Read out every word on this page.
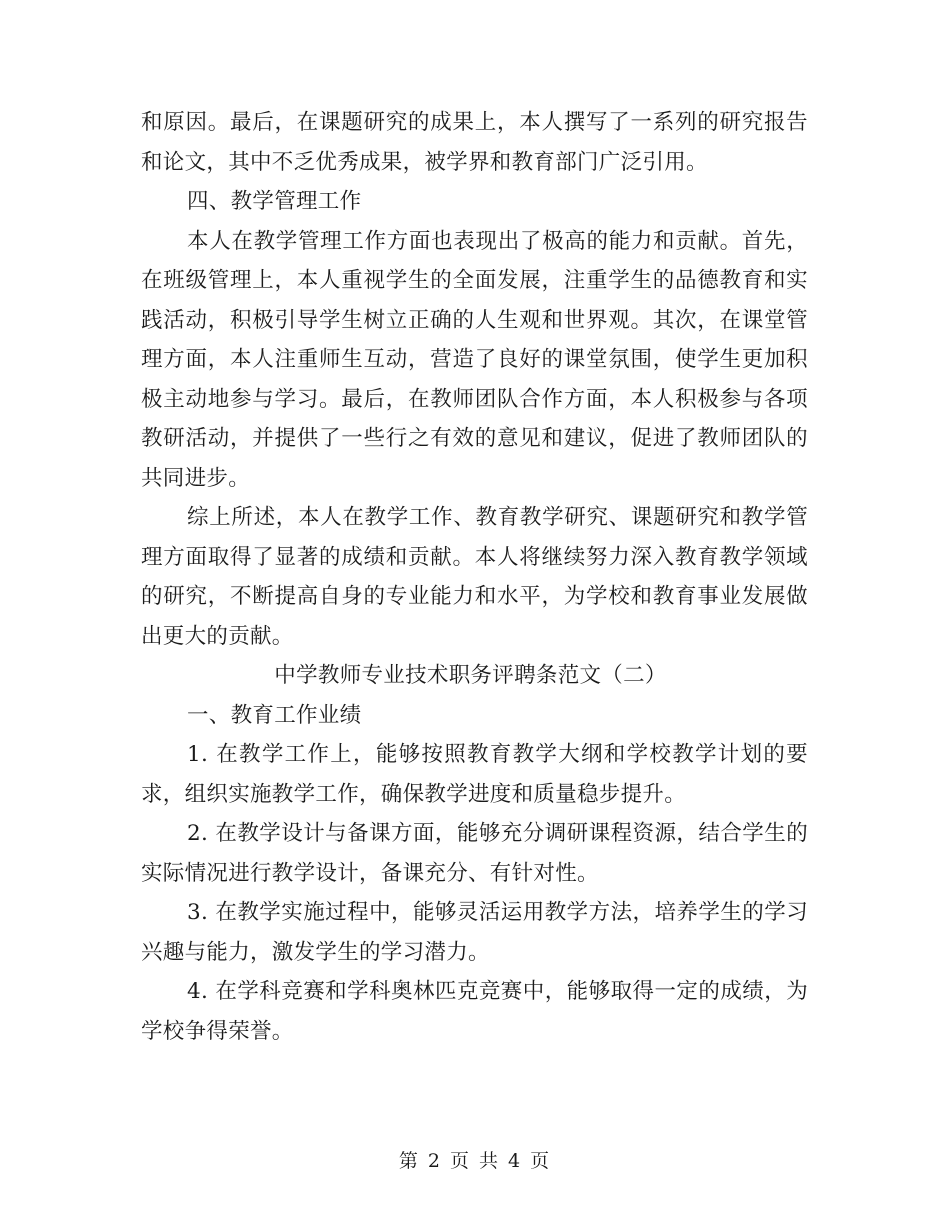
和原因。最后，在课题研究的成果上，本人撰写了一系列的研究报告
和论文，其中不乏优秀成果，被学界和教育部门广泛引用。
四、教学管理工作
本人在教学管理工作方面也表现出了极高的能力和贡献。首先，
在班级管理上，本人重视学生的全面发展，注重学生的品德教育和实
践活动，积极引导学生树立正确的人生观和世界观。其次，在课堂管
理方面，本人注重师生互动，营造了良好的课堂氛围，使学生更加积
极主动地参与学习。最后，在教师团队合作方面，本人积极参与各项
教研活动，并提供了一些行之有效的意见和建议，促进了教师团队的
共同进步。
综上所述，本人在教学工作、教育教学研究、课题研究和教学管
理方面取得了显著的成绩和贡献。本人将继续努力深入教育教学领域
的研究，不断提高自身的专业能力和水平，为学校和教育事业发展做
出更大的贡献。
中学教师专业技术职务评聘条范文（二）
一、教育工作业绩
1. 在教学工作上，能够按照教育教学大纲和学校教学计划的要
求，组织实施教学工作，确保教学进度和质量稳步提升。
2. 在教学设计与备课方面，能够充分调研课程资源，结合学生的
实际情况进行教学设计，备课充分、有针对性。
3. 在教学实施过程中，能够灵活运用教学方法，培养学生的学习
兴趣与能力，激发学生的学习潜力。
4. 在学科竞赛和学科奥林匹克竞赛中，能够取得一定的成绩，为
学校争得荣誉。
第 2 页 共 4 页
